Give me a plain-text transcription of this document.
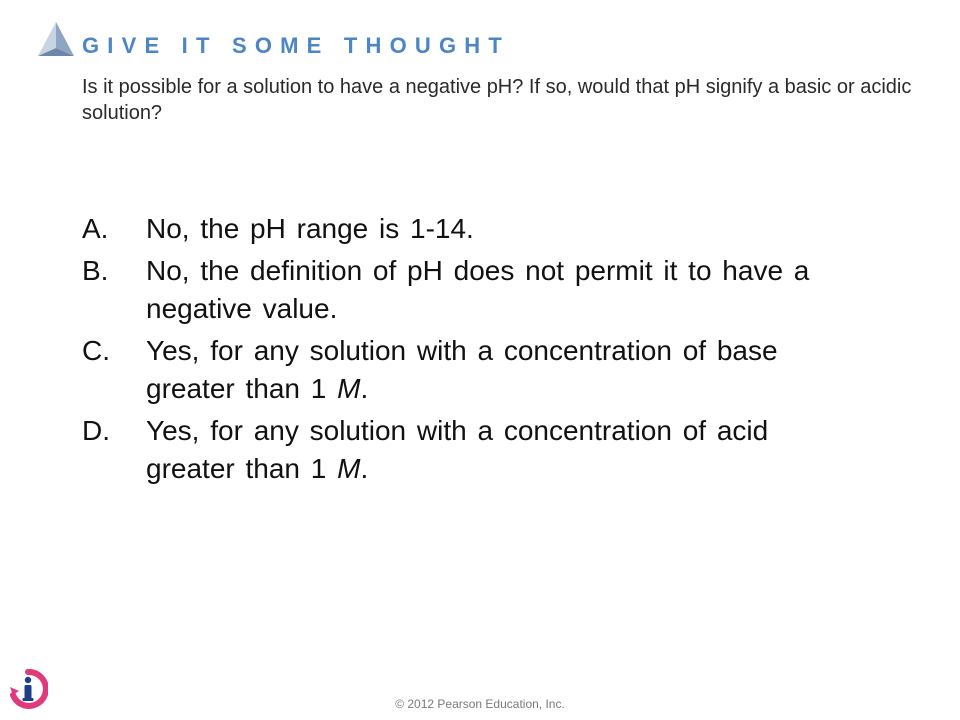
GIVE IT SOME THOUGHT

Is it possible for a solution to have a negative pH? If so, would that pH signify a basic or acidic solution?

A. No, the pH range is 1-14.
B. No, the definition of pH does not permit it to have a negative value.
C. Yes, for any solution with a concentration of base greater than 1 M.
D. Yes, for any solution with a concentration of acid greater than 1 M.

© 2012 Pearson Education, Inc.
